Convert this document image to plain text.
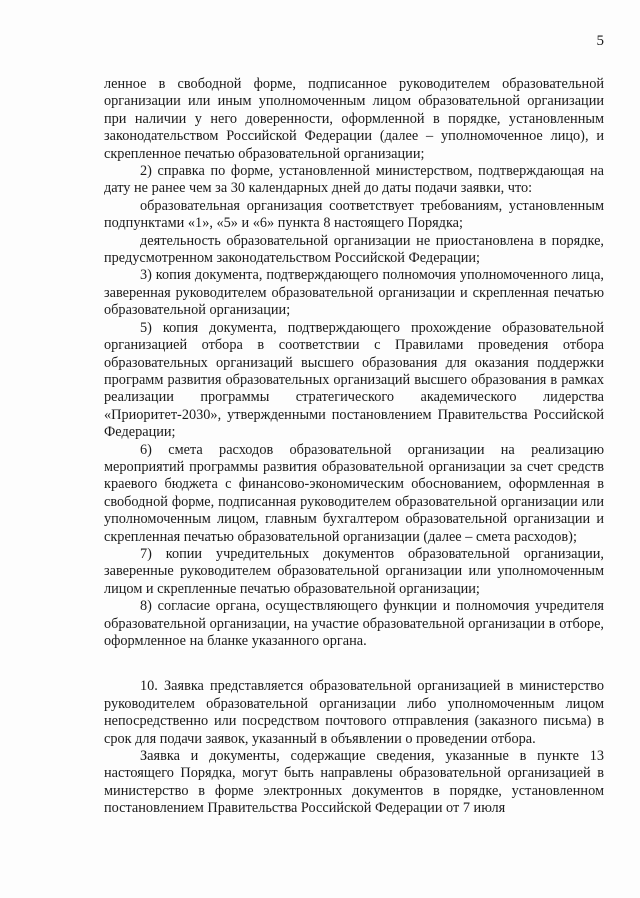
5

ленное в свободной форме, подписанное руководителем образовательной организации или иным уполномоченным лицом образовательной организации при наличии у него доверенности, оформленной в порядке, установленным законодательством Российской Федерации (далее – уполномоченное лицо), и скрепленное печатью образовательной организации;

2) справка по форме, установленной министерством, подтверждающая на дату не ранее чем за 30 календарных дней до даты подачи заявки, что:

образовательная организация соответствует требованиям, установленным подпунктами «1», «5» и «6» пункта 8 настоящего Порядка;

деятельность образовательной организации не приостановлена в порядке, предусмотренном законодательством Российской Федерации;

3) копия документа, подтверждающего полномочия уполномоченного лица, заверенная руководителем образовательной организации и скрепленная печатью образовательной организации;

5) копия документа, подтверждающего прохождение образовательной организацией отбора в соответствии с Правилами проведения отбора образовательных организаций высшего образования для оказания поддержки программ развития образовательных организаций высшего образования в рамках реализации программы стратегического академического лидерства «Приоритет-2030», утвержденными постановлением Правительства Российской Федерации;

6) смета расходов образовательной организации на реализацию мероприятий программы развития образовательной организации за счет средств краевого бюджета с финансово-экономическим обоснованием, оформленная в свободной форме, подписанная руководителем образовательной организации или уполномоченным лицом, главным бухгалтером образовательной организации и скрепленная печатью образовательной организации (далее – смета расходов);

7) копии учредительных документов образовательной организации, заверенные руководителем образовательной организации или уполномоченным лицом и скрепленные печатью образовательной организации;

8) согласие органа, осуществляющего функции и полномочия учредителя образовательной организации, на участие образовательной организации в отборе, оформленное на бланке указанного органа.

10. Заявка представляется образовательной организацией в министерство руководителем образовательной организации либо уполномоченным лицом непосредственно или посредством почтового отправления (заказного письма) в срок для подачи заявок, указанный в объявлении о проведении отбора.

Заявка и документы, содержащие сведения, указанные в пункте 13 настоящего Порядка, могут быть направлены образовательной организацией в министерство в форме электронных документов в порядке, установленном постановлением Правительства Российской Федерации от 7 июля
